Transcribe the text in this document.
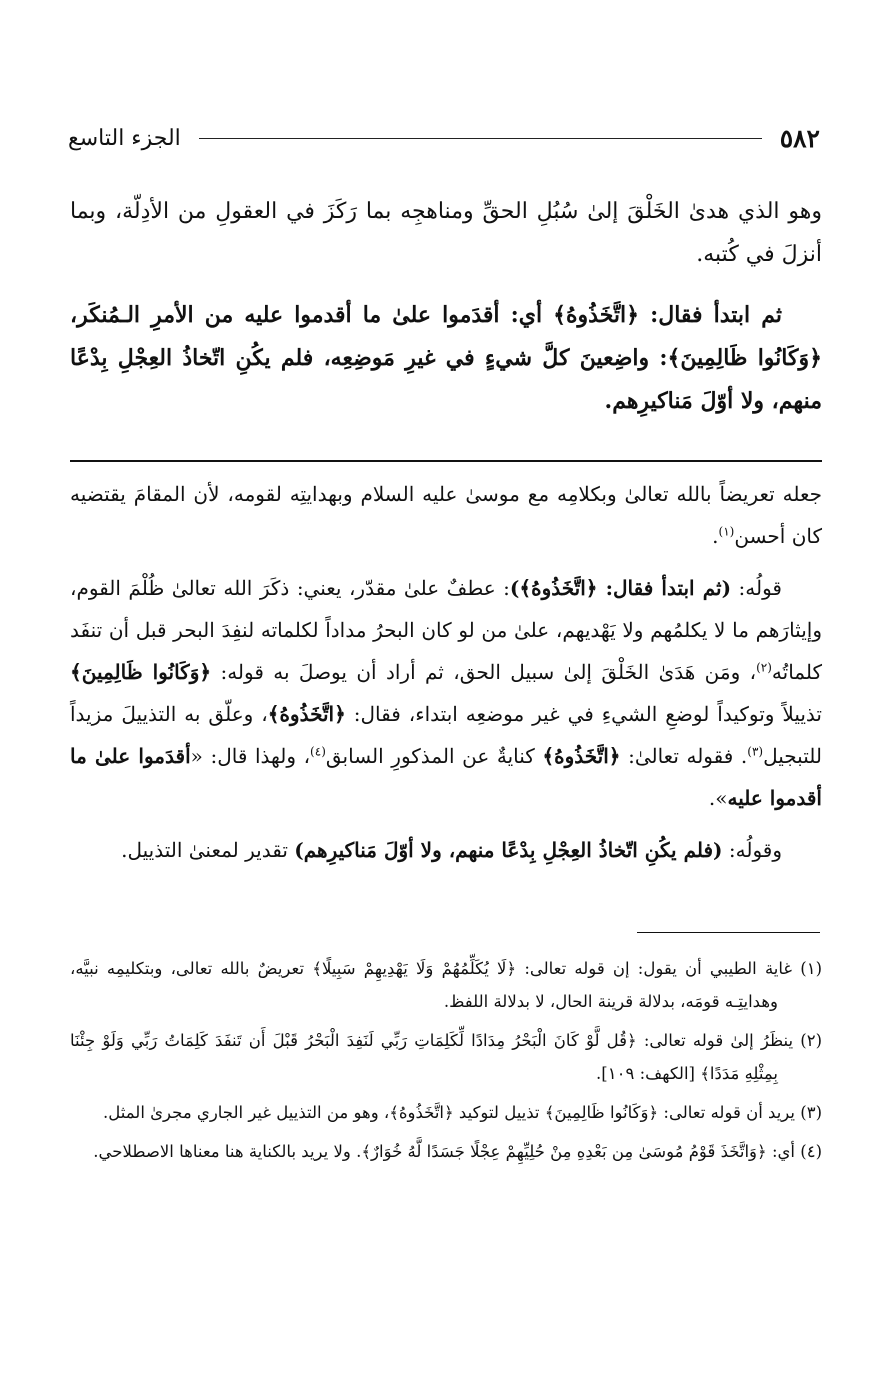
٥٨٢
الجزء التاسع

وهو الذي هدىٰ الخَلْقَ إلىٰ سُبُلِ الحقِّ ومناهجِه بما رَكَزَ في العقولِ من الأدِلّة، وبما أنزلَ في كُتبه.

ثم ابتدأ فقال: ﴿اتَّخَذُوهُ﴾ أي: أقدَموا علىٰ ما أقدموا عليه من الأمرِ الـمُنكَر، ﴿وَكَانُوا ظَالِمِينَ﴾: واضِعينَ كلَّ شيءٍ في غيرِ مَوضِعِه، فلم يكُنِ اتّخاذُ العِجْلِ بِدْعًا منهم، ولا أوّلَ مَناكيرِهم.

جعله تعريضاً بالله تعالىٰ وبكلامِه مع موسىٰ عليه السلام وبهدايتِه لقومه، لأن المقامَ يقتضيه كان أحسن$^{(١)}$.

قولُه: (ثم ابتدأ فقال: ﴿اتَّخَذُوهُ﴾): عطفٌ علىٰ مقدّر، يعني: ذكَرَ الله تعالىٰ ظُلْمَ القوم، وإيثارَهم ما لا يكلمُهم ولا يَهْديهم، علىٰ من لو كان البحرُ مداداً لكلماته لنفِدَ البحر قبل أن تنفَد كلماتُه$^{(٢)}$، ومَن هَدَىٰ الخَلْقَ إلىٰ سبيل الحق، ثم أراد أن يوصلَ به قوله: ﴿وَكَانُوا ظَالِمِينَ﴾ تذييلاً وتوكيداً لوضعِ الشيءِ في غير موضعِه ابتداء، فقال: ﴿اتَّخَذُوهُ﴾، وعلّق به التذييلَ مزيداً للتبجيل$^{(٣)}$. فقوله تعالىٰ: ﴿اتَّخَذُوهُ﴾ كنايةٌ عن المذكورِ السابق$^{(٤)}$، ولهذا قال: «أقدَموا علىٰ ما أقدموا عليه».

وقولُه: (فلم يكُنِ اتّخاذُ العِجْلِ بِدْعًا منهم، ولا أوّلَ مَناكيرِهم) تقدير لمعنىٰ التذييل.

(١) غاية الطيبي أن يقول: إن قوله تعالى: ﴿لَا يُكَلِّمُهُمْ وَلَا يَهْدِيهِمْ سَبِيلًا﴾ تعريضٌ بالله تعالى، وبتكليمِه نبيَّه، وهدايتِـه قومَه، بدلالة قرينة الحال، لا بدلالة اللفظ.

(٢) ينظَرُ إلىٰ قوله تعالى: ﴿قُل لَّوْ كَانَ الْبَحْرُ مِدَادًا لِّكَلِمَاتِ رَبِّي لَنَفِدَ الْبَحْرُ قَبْلَ أَن تَنفَدَ كَلِمَاتُ رَبِّي وَلَوْ جِئْنَا بِمِثْلِهِ مَدَدًا﴾ [الكهف: ١٠٩].

(٣) يريد أن قوله تعالى: ﴿وَكَانُوا ظَالِمِينَ﴾ تذييل لتوكيد ﴿اتَّخَذُوهُ﴾، وهو من التذييل غير الجاري مجرىٰ المثل.

(٤) أي: ﴿وَاتَّخَذَ قَوْمُ مُوسَىٰ مِن بَعْدِهِ مِنْ حُلِيِّهِمْ عِجْلًا جَسَدًا لَّهُ خُوَارٌ﴾. ولا يريد بالكناية هنا معناها الاصطلاحي.
